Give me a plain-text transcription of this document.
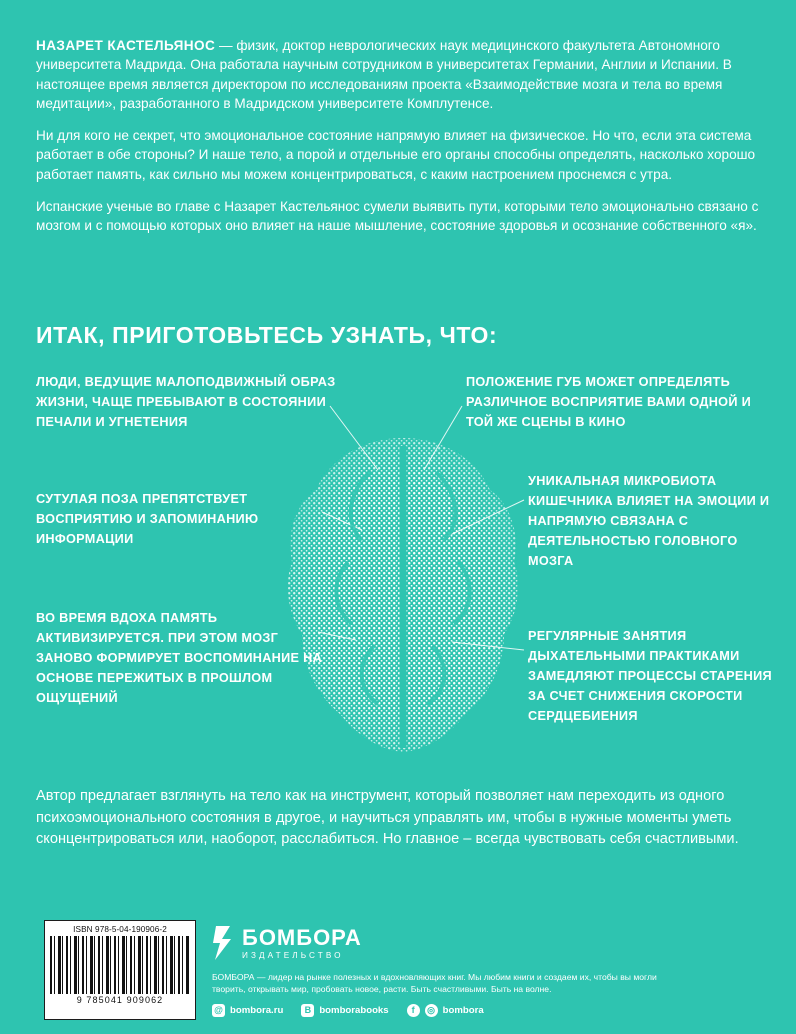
НАЗАРЕТ КАСТЕЛЬЯНОС — физик, доктор неврологических наук медицинского факультета Автономного университета Мадрида. Она работала научным сотрудником в университетах Германии, Англии и Испании. В настоящее время является директором по исследованиям проекта «Взаимодействие мозга и тела во время медитации», разработанного в Мадридском университете Комплутенсе.

Ни для кого не секрет, что эмоциональное состояние напрямую влияет на физическое. Но что, если эта система работает в обе стороны? И наше тело, а порой и отдельные его органы способны определять, насколько хорошо работает память, как сильно мы можем концентрироваться, с каким настроением проснемся с утра.

Испанские ученые во главе с Назарет Кастельянос сумели выявить пути, которыми тело эмоционально связано с мозгом и с помощью которых оно влияет на наше мышление, состояние здоровья и осознание собственного «я».

ИТАК, ПРИГОТОВЬТЕСЬ УЗНАТЬ, ЧТО:
ЛЮДИ, ВЕДУЩИЕ МАЛОПОДВИЖНЫЙ ОБРАЗ ЖИЗНИ, ЧАЩЕ ПРЕБЫВАЮТ В СОСТОЯНИИ ПЕЧАЛИ И УГНЕТЕНИЯ
СУТУЛАЯ ПОЗА ПРЕПЯТСТВУЕТ ВОСПРИЯТИЮ И ЗАПОМИНАНИЮ ИНФОРМАЦИИ
ВО ВРЕМЯ ВДОХА ПАМЯТЬ АКТИВИЗИРУЕТСЯ. ПРИ ЭТОМ МОЗГ ЗАНОВО ФОРМИРУЕТ ВОСПОМИНАНИЕ НА ОСНОВЕ ПЕРЕЖИТЫХ В ПРОШЛОМ ОЩУЩЕНИЙ
ПОЛОЖЕНИЕ ГУБ МОЖЕТ ОПРЕДЕЛЯТЬ РАЗЛИЧНОЕ ВОСПРИЯТИЕ ВАМИ ОДНОЙ И ТОЙ ЖЕ СЦЕНЫ В КИНО
УНИКАЛЬНАЯ МИКРОБИОТА КИШЕЧНИКА ВЛИЯЕТ НА ЭМОЦИИ И НАПРЯМУЮ СВЯЗАНА С ДЕЯТЕЛЬНОСТЬЮ ГОЛОВНОГО МОЗГА
РЕГУЛЯРНЫЕ ЗАНЯТИЯ ДЫХАТЕЛЬНЫМИ ПРАКТИКАМИ ЗАМЕДЛЯЮТ ПРОЦЕССЫ СТАРЕНИЯ ЗА СЧЕТ СНИЖЕНИЯ СКОРОСТИ СЕРДЦЕБИЕНИЯ
Автор предлагает взглянуть на тело как на инструмент, который позволяет нам переходить из одного психоэмоционального состояния в другое, и научиться управлять им, чтобы в нужные моменты уметь сконцентрироваться или, наоборот, расслабиться. Но главное – всегда чувствовать себя счастливыми.
ISBN 978-5-04-190906-2
9 785041 909062
БОМБОРА
ИЗДАТЕЛЬСТВО
БОМБОРА — лидер на рынке полезных и вдохновляющих книг. Мы любим книги и создаем их, чтобы вы могли творить, открывать мир, пробовать новое, расти. Быть счастливыми. Быть на волне.
@ bombora.ru	B bomborabooks	f	◎ bombora
